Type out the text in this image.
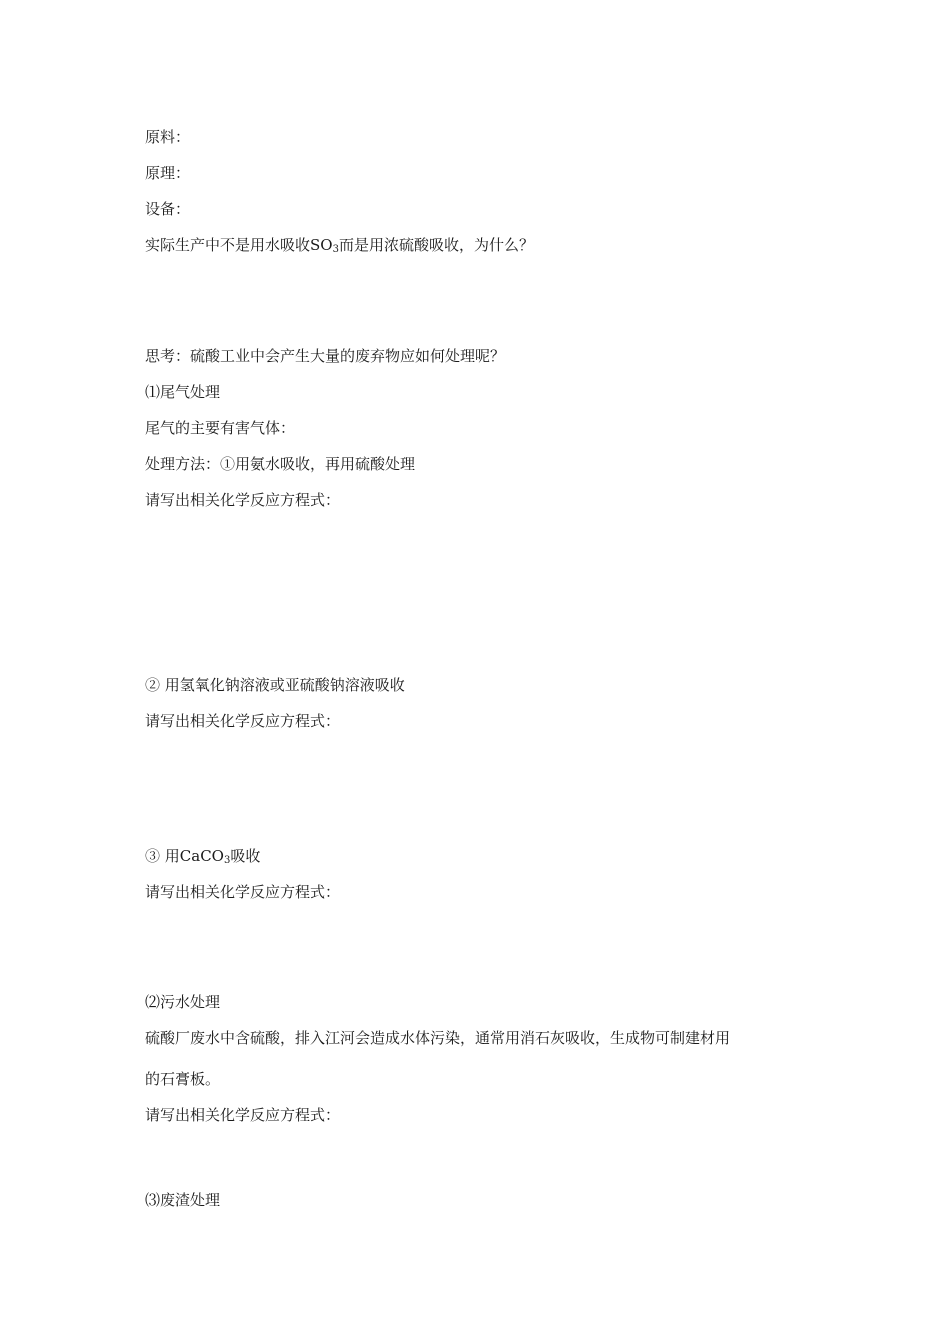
原料：
原理：
设备：
实际生产中不是用水吸收$SO_3$而是用浓硫酸吸收，为什么？
思考：硫酸工业中会产生大量的废弃物应如何处理呢？
⑴尾气处理
尾气的主要有害气体：
处理方法：①用氨水吸收，再用硫酸处理
请写出相关化学反应方程式：
② 用氢氧化钠溶液或亚硫酸钠溶液吸收
请写出相关化学反应方程式：
③ 用CaCO$_3$吸收
请写出相关化学反应方程式：
⑵污水处理
硫酸厂废水中含硫酸，排入江河会造成水体污染，通常用消石灰吸收，生成物可制建材用
的石膏板。
请写出相关化学反应方程式：
⑶废渣处理
